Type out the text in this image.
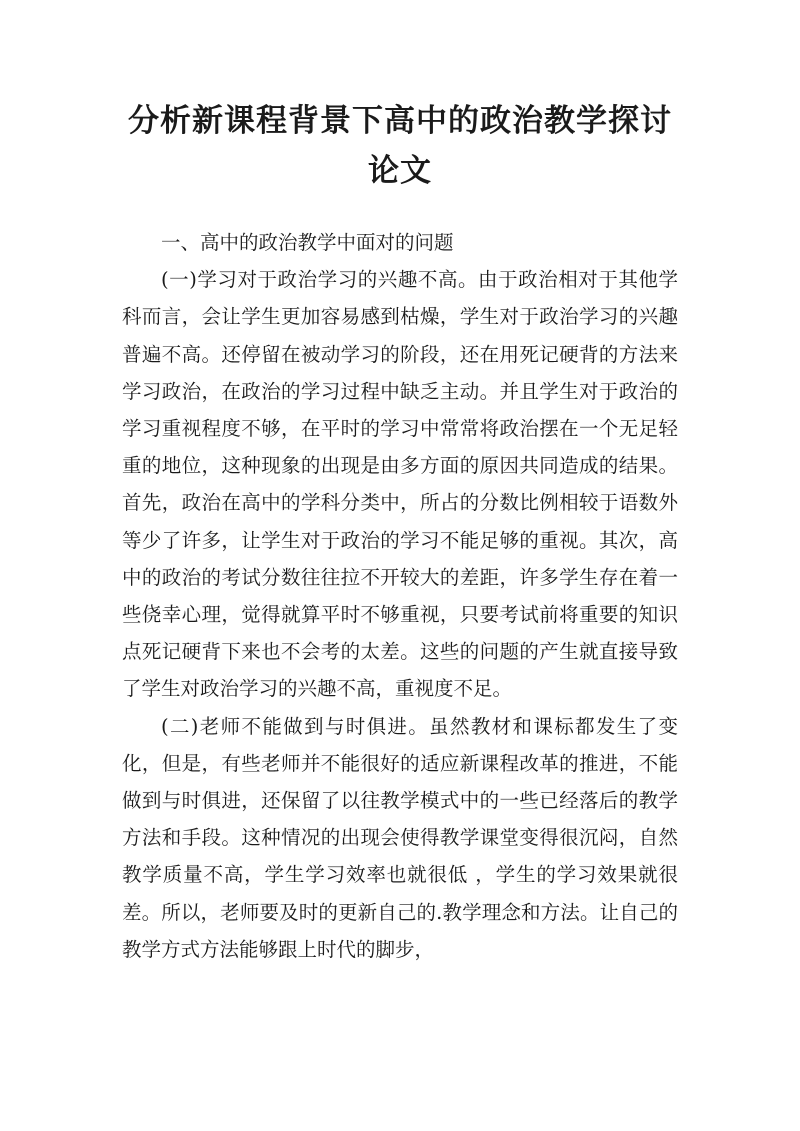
分析新课程背景下高中的政治教学探讨论文

一、高中的政治教学中面对的问题

(一)学习对于政治学习的兴趣不高。由于政治相对于其他学科而言，会让学生更加容易感到枯燥，学生对于政治学习的兴趣普遍不高。还停留在被动学习的阶段，还在用死记硬背的方法来学习政治，在政治的学习过程中缺乏主动。并且学生对于政治的学习重视程度不够，在平时的学习中常常将政治摆在一个无足轻重的地位，这种现象的出现是由多方面的原因共同造成的结果。首先，政治在高中的学科分类中，所占的分数比例相较于语数外等少了许多，让学生对于政治的学习不能足够的重视。其次，高中的政治的考试分数往往拉不开较大的差距，许多学生存在着一些侥幸心理，觉得就算平时不够重视，只要考试前将重要的知识点死记硬背下来也不会考的太差。这些的问题的产生就直接导致了学生对政治学习的兴趣不高，重视度不足。

(二)老师不能做到与时俱进。虽然教材和课标都发生了变化，但是，有些老师并不能很好的适应新课程改革的推进，不能做到与时俱进，还保留了以往教学模式中的一些已经落后的教学方法和手段。这种情况的出现会使得教学课堂变得很沉闷，自然教学质量不高，学生学习效率也就很低 ，学生的学习效果就很差。所以，老师要及时的更新自己的.教学理念和方法。让自己的教学方式方法能够跟上时代的脚步，
